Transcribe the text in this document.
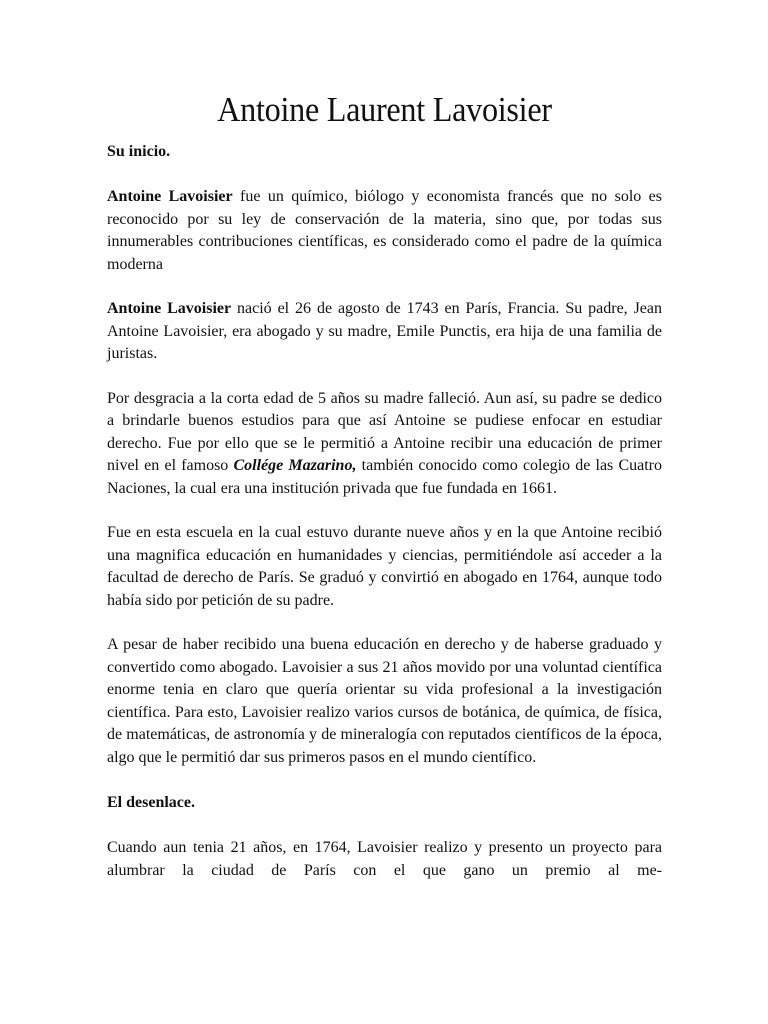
Antoine Laurent Lavoisier
Su inicio.

Antoine Lavoisier fue un químico, biólogo y economista francés que no solo es reconocido por su ley de conservación de la materia, sino que, por todas sus innumerables contribuciones científicas, es considerado como el padre de la química moderna

Antoine Lavoisier nació el 26 de agosto de 1743 en París, Francia. Su padre, Jean Antoine Lavoisier, era abogado y su madre, Emile Punctis, era hija de una familia de juristas.

Por desgracia a la corta edad de 5 años su madre falleció. Aun así, su padre se dedico a brindarle buenos estudios para que así Antoine se pudiese enfocar en estudiar derecho. Fue por ello que se le permitió a Antoine recibir una educación de primer nivel en el famoso Collége Mazarino, también conocido como colegio de las Cuatro Naciones, la cual era una institución privada que fue fundada en 1661.

Fue en esta escuela en la cual estuvo durante nueve años y en la que Antoine recibió una magnifica educación en humanidades y ciencias, permitiéndole así acceder a la facultad de derecho de París. Se graduó y convirtió en abogado en 1764, aunque todo había sido por petición de su padre.

A pesar de haber recibido una buena educación en derecho y de haberse graduado y convertido como abogado. Lavoisier a sus 21 años movido por una voluntad científica enorme tenia en claro que quería orientar su vida profesional a la investigación científica. Para esto, Lavoisier realizo varios cursos de botánica, de química, de física, de matemáticas, de astronomía y de mineralogía con reputados científicos de la época, algo que le permitió dar sus primeros pasos en el mundo científico.

El desenlace.

Cuando aun tenia 21 años, en 1764, Lavoisier realizo y presento un proyecto para alumbrar la ciudad de París con el que gano un premio al me-
